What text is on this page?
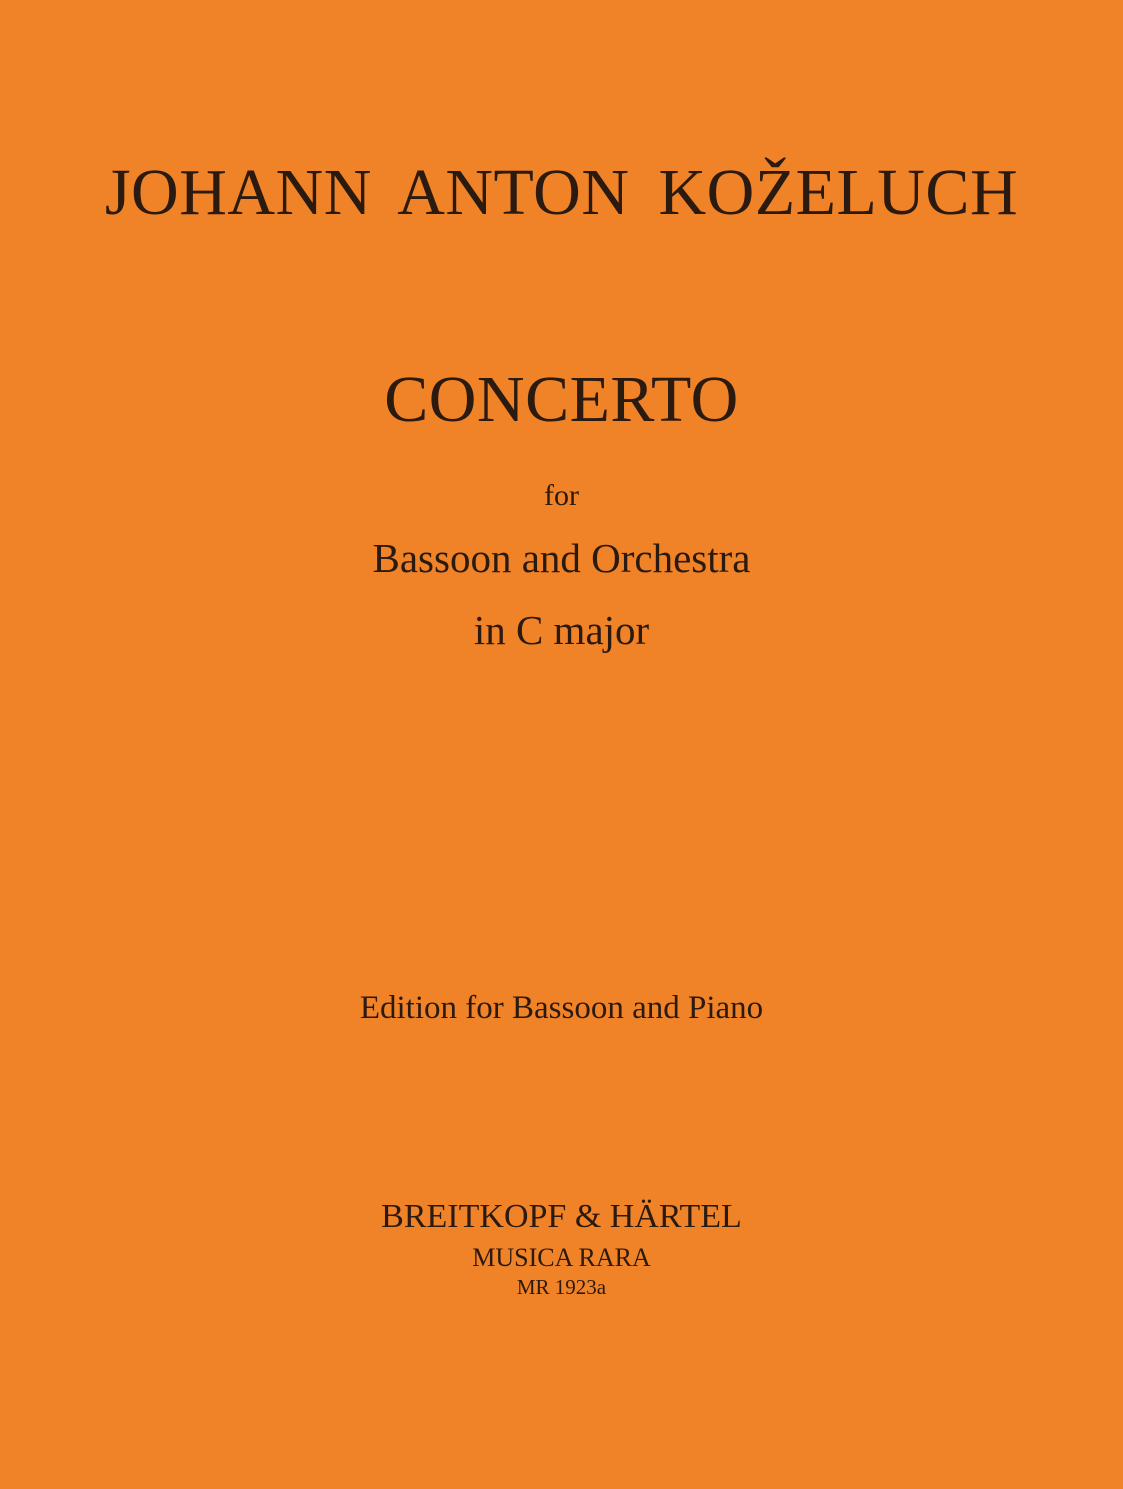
JOHANN ANTON KOŽELUCH
CONCERTO
for
Bassoon and Orchestra
in C major
Edition for Bassoon and Piano
BREITKOPF & HÄRTEL
MUSICA RARA
MR 1923a
